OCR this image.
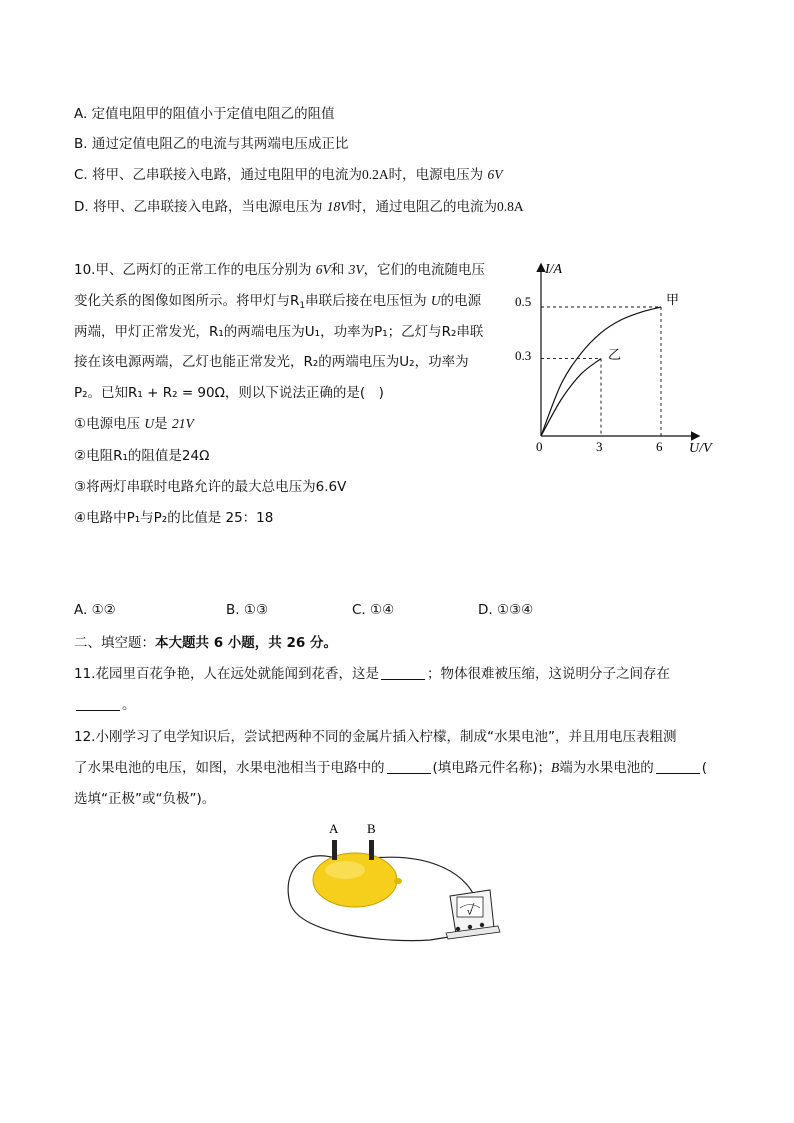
A. 定值电阻甲的阻值小于定值电阻乙的阻值
B. 通过定值电阻乙的电流与其两端电压成正比
C. 将甲、乙串联接入电路，通过电阻甲的电流为0.2A时，电源电压为 6V
D. 将甲、乙串联接入电路，当电源电压为 18V时，通过电阻乙的电流为0.8A
10.甲、乙两灯的正常工作的电压分别为 6V和 3V，它们的电流随电压
变化关系的图像如图所示。将甲灯与$R_1$串联后接在电压恒为 U的电源
两端，甲灯正常发光，R₁的两端电压为U₁，功率为P₁；乙灯与R₂串联
接在该电源两端，乙灯也能正常发光，R₂的两端电压为U₂，功率为
P₂。已知R₁ + R₂ = 90Ω，则以下说法正确的是(　)
①电源电压 U是 21V
②电阻R₁的阻值是24Ω
③将两灯串联时电路允许的最大总电压为6.6V
④电路中P₁与P₂的比值是 25：18
A. ①②	B. ①③	C. ①④	D. ①③④
二、填空题：本大题共 6 小题，共 26 分。
11.花园里百花争艳，人在远处就能闻到花香，这是	；物体很难被压缩，这说明分子之间存在
。
12.小刚学习了电学知识后，尝试把两种不同的金属片插入柠檬，制成“水果电池”，并且用电压表粗测
了水果电池的电压，如图，水果电池相当于电路中的	(填电路元件名称)；B端为水果电池的	(
选填“正极”或“负极”)。
I/A
U/V
0
0.5
0.3
3	6
甲
乙
A B
V
